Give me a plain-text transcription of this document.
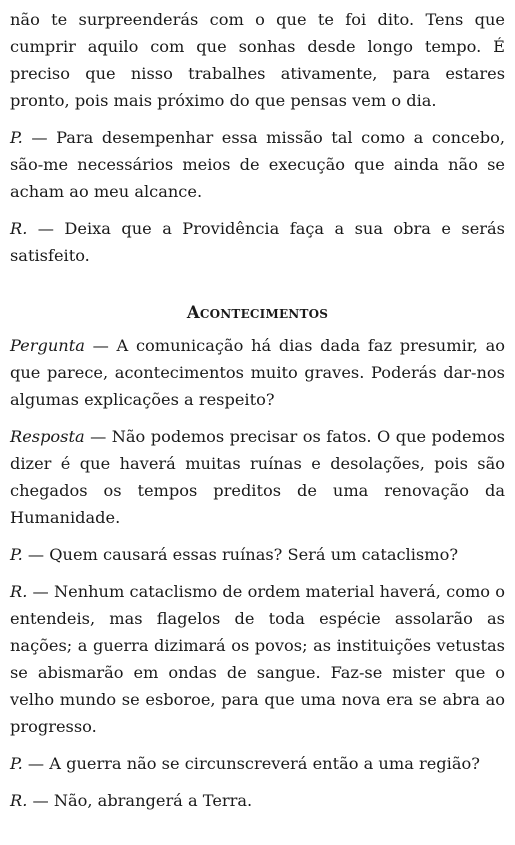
não te surpreenderás com o que te foi dito. Tens que cumprir aquilo com que sonhas desde longo tempo. É preciso que nisso trabalhes ativamente, para estares pronto, pois mais próximo do que pensas vem o dia.

P. — Para desempenhar essa missão tal como a concebo, são-me necessários meios de execução que ainda não se acham ao meu alcance.

R. — Deixa que a Providência faça a sua obra e serás satisfeito.

Acontecimentos

Pergunta — A comunicação há dias dada faz presumir, ao que parece, acontecimentos muito graves. Poderás dar-nos algumas explicações a respeito?

Resposta — Não podemos precisar os fatos. O que podemos dizer é que haverá muitas ruínas e desolações, pois são chegados os tempos preditos de uma renovação da Humanidade.

P. — Quem causará essas ruínas? Será um cataclismo?

R. — Nenhum cataclismo de ordem material haverá, como o entendeis, mas flagelos de toda espécie assolarão as nações; a guerra dizimará os povos; as instituições vetustas se abismarão em ondas de sangue. Faz-se mister que o velho mundo se esboroe, para que uma nova era se abra ao progresso.

P. — A guerra não se circunscreverá então a uma região?

R. — Não, abrangerá a Terra.
